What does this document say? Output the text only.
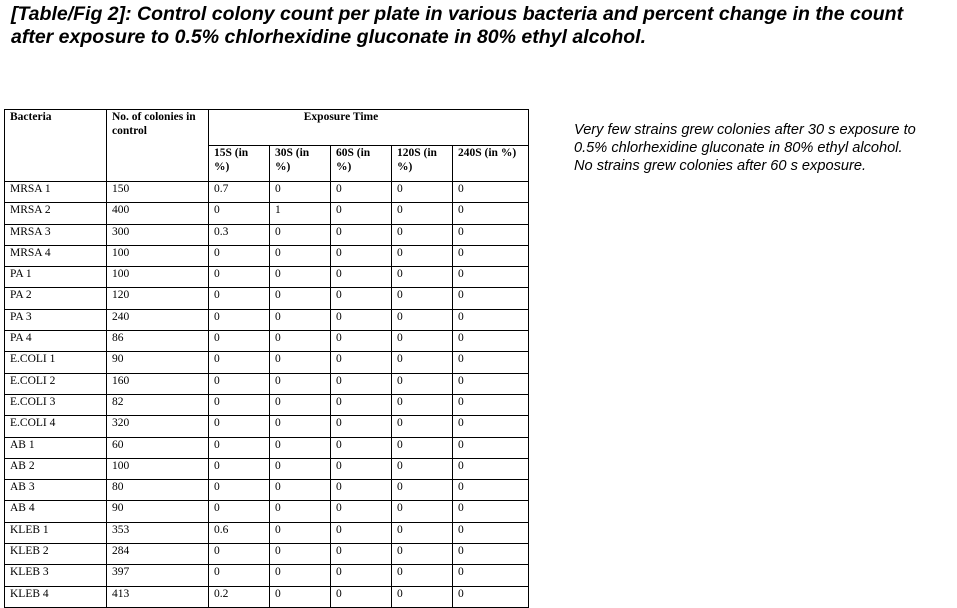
[Table/Fig 2]: Control colony count per plate in various bacteria and percent change in the count after exposure to 0.5% chlorhexidine gluconate in 80% ethyl alcohol.

Bacteria	No. of colonies in control	Exposure Time				
		15S (in %)	30S (in %)	60S (in %)	120S (in %)	240S (in %)
MRSA 1	150	0.7	0	0	0	0
MRSA 2	400	0	1	0	0	0
MRSA 3	300	0.3	0	0	0	0
MRSA 4	100	0	0	0	0	0
PA 1	100	0	0	0	0	0
PA 2	120	0	0	0	0	0
PA 3	240	0	0	0	0	0
PA 4	86	0	0	0	0	0
E.COLI 1	90	0	0	0	0	0
E.COLI 2	160	0	0	0	0	0
E.COLI 3	82	0	0	0	0	0
E.COLI 4	320	0	0	0	0	0
AB 1	60	0	0	0	0	0
AB 2	100	0	0	0	0	0
AB 3	80	0	0	0	0	0
AB 4	90	0	0	0	0	0
KLEB 1	353	0.6	0	0	0	0
KLEB 2	284	0	0	0	0	0
KLEB 3	397	0	0	0	0	0
KLEB 4	413	0.2	0	0	0	0

Very few strains grew colonies after 30 s exposure to 0.5% chlorhexidine gluconate in 80% ethyl alcohol. No strains grew colonies after 60 s exposure.
